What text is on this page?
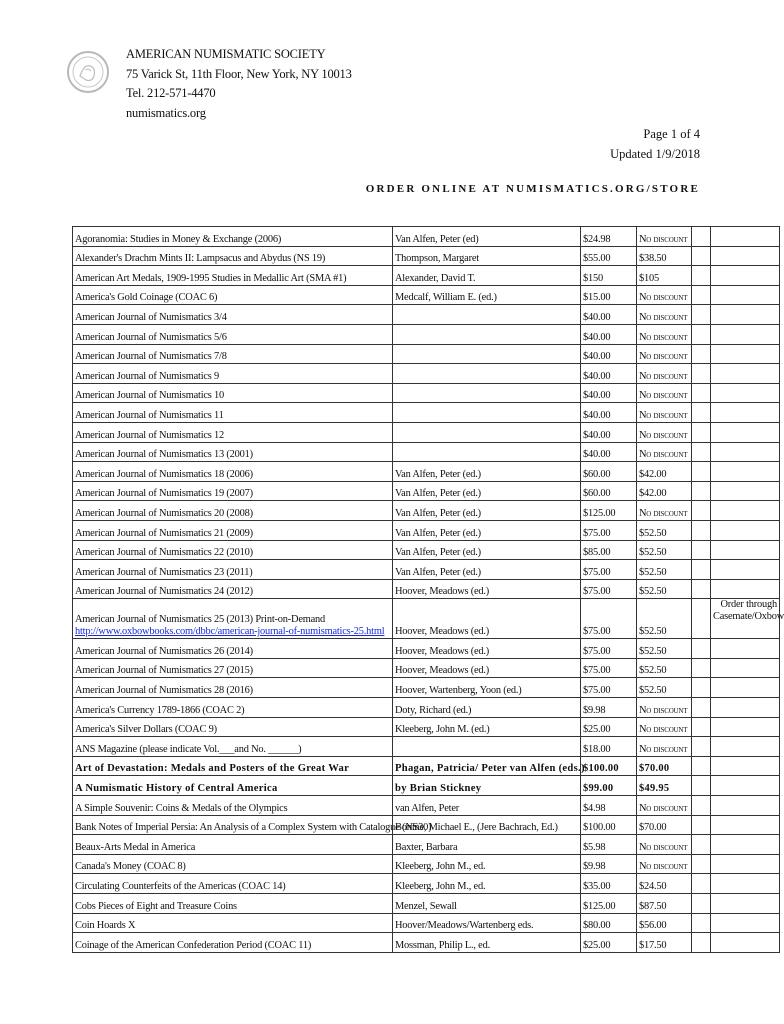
AMERICAN NUMISMATIC SOCIETY
75 Varick St, 11th Floor, New York, NY 10013
Tel. 212-571-4470
numismatics.org
Page 1 of 4
Updated 1/9/2018
ORDER ONLINE AT NUMISMATICS.ORG/STORE
Agoranomia: Studies in Money & Exchange (2006)	Van Alfen, Peter (ed)	$24.98	No discount		
Alexander's Drachm Mints II: Lampsacus and Abydus (NS 19)	Thompson, Margaret	$55.00	$38.50		
American Art Medals, 1909-1995 Studies in Medallic Art (SMA #1)	Alexander, David T.	$150	$105		
America's Gold Coinage (COAC 6)	Medcalf, William E. (ed.)	$15.00	No discount		
American Journal of Numismatics 3/4		$40.00	No discount		
American Journal of Numismatics 5/6		$40.00	No discount		
American Journal of Numismatics 7/8		$40.00	No discount		
American Journal of Numismatics 9		$40.00	No discount		
American Journal of Numismatics 10		$40.00	No discount		
American Journal of Numismatics 11		$40.00	No discount		
American Journal of Numismatics 12		$40.00	No discount		
American Journal of Numismatics 13 (2001)		$40.00	No discount		
American Journal of Numismatics 18 (2006)	Van Alfen, Peter (ed.)	$60.00	$42.00		
American Journal of Numismatics 19 (2007)	Van Alfen, Peter (ed.)	$60.00	$42.00		
American Journal of Numismatics 20 (2008)	Van Alfen, Peter (ed.)	$125.00	No discount		
American Journal of Numismatics 21 (2009)	Van Alfen, Peter (ed.)	$75.00	$52.50		
American Journal of Numismatics 22 (2010)	Van Alfen, Peter (ed.)	$85.00	$52.50		
American Journal of Numismatics 23 (2011)	Van Alfen, Peter (ed.)	$75.00	$52.50		
American Journal of Numismatics 24 (2012)	Hoover, Meadows (ed.)	$75.00	$52.50		

American Journal of Numismatics 25 (2013) Print-on-Demand
http://www.oxbowbooks.com/dbbc/american-journal-of-numismatics-25.html	Hoover, Meadows (ed.)	$75.00	$52.50		Order through
Casemate/Oxbow

American Journal of Numismatics 26 (2014)	Hoover, Meadows (ed.)	$75.00	$52.50		
American Journal of Numismatics 27 (2015)	Hoover, Meadows (ed.)	$75.00	$52.50		
American Journal of Numismatics 28 (2016)	Hoover, Wartenberg, Yoon (ed.)	$75.00	$52.50		
America's Currency 1789-1866 (COAC 2)	Doty, Richard (ed.)	$9.98	No discount		
America's Silver Dollars (COAC 9)	Kleeberg, John M. (ed.)	$25.00	No discount		
ANS Magazine (please indicate Vol.___and No. ______)		$18.00	No discount		
Art of Devastation: Medals and Posters of the Great War	Phagan, Patricia/ Peter van Alfen (eds.)	$100.00	$70.00		
A Numismatic History of Central America	by Brian Stickney	$99.00	$49.95		
A Simple Souvenir: Coins & Medals of the Olympics	van Alfen, Peter	$4.98	No discount		
Bank Notes of Imperial Persia: An Analysis of a Complex System with Catalogue (NS30)	Bonine, Michael E., (Jere Bachrach, Ed.)	$100.00	$70.00		
Beaux-Arts Medal in America	Baxter, Barbara	$5.98	No discount		
Canada's Money (COAC 8)	Kleeberg, John M., ed.	$9.98	No discount		
Circulating Counterfeits of the Americas (COAC 14)	Kleeberg, John M., ed.	$35.00	$24.50		
Cobs Pieces of Eight and Treasure Coins	Menzel, Sewall	$125.00	$87.50		
Coin Hoards X	Hoover/Meadows/Wartenberg eds.	$80.00	$56.00		
Coinage of the American Confederation Period (COAC 11)	Mossman, Philip L., ed.	$25.00	$17.50		
